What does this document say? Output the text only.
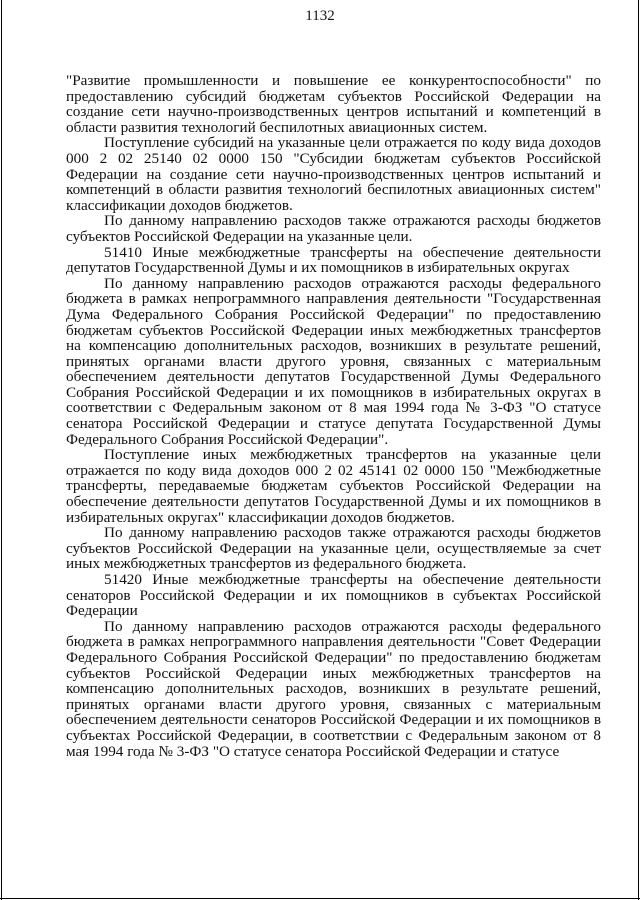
1132

"Развитие промышленности и повышение ее конкурентоспособности" по предоставлению субсидий бюджетам субъектов Российской Федерации на создание сети научно-производственных центров испытаний и компетенций в области развития технологий беспилотных авиационных систем.

Поступление субсидий на указанные цели отражается по коду вида доходов 000 2 02 25140 02 0000 150 "Субсидии бюджетам субъектов Российской Федерации на создание сети научно-производственных центров испытаний и компетенций в области развития технологий беспилотных авиационных систем" классификации доходов бюджетов.

По данному направлению расходов также отражаются расходы бюджетов субъектов Российской Федерации на указанные цели.

51410 Иные межбюджетные трансферты на обеспечение деятельности депутатов Государственной Думы и их помощников в избирательных округах

По данному направлению расходов отражаются расходы федерального бюджета в рамках непрограммного направления деятельности "Государственная Дума Федерального Собрания Российской Федерации" по предоставлению бюджетам субъектов Российской Федерации иных межбюджетных трансфертов на компенсацию дополнительных расходов, возникших в результате решений, принятых органами власти другого уровня, связанных с материальным обеспечением деятельности депутатов Государственной Думы Федерального Собрания Российской Федерации и их помощников в избирательных округах в соответствии с Федеральным законом от 8 мая 1994 года № 3-ФЗ "О статусе сенатора Российской Федерации и статусе депутата Государственной Думы Федерального Собрания Российской Федерации".

Поступление иных межбюджетных трансфертов на указанные цели отражается по коду вида доходов 000 2 02 45141 02 0000 150 "Межбюджетные трансферты, передаваемые бюджетам субъектов Российской Федерации на обеспечение деятельности депутатов Государственной Думы и их помощников в избирательных округах" классификации доходов бюджетов.

По данному направлению расходов также отражаются расходы бюджетов субъектов Российской Федерации на указанные цели, осуществляемые за счет иных межбюджетных трансфертов из федерального бюджета.

51420 Иные межбюджетные трансферты на обеспечение деятельности сенаторов Российской Федерации и их помощников в субъектах Российской Федерации

По данному направлению расходов отражаются расходы федерального бюджета в рамках непрограммного направления деятельности "Совет Федерации Федерального Собрания Российской Федерации" по предоставлению бюджетам субъектов Российской Федерации иных межбюджетных трансфертов на компенсацию дополнительных расходов, возникших в результате решений, принятых органами власти другого уровня, связанных с материальным обеспечением деятельности сенаторов Российской Федерации и их помощников в субъектах Российской Федерации, в соответствии с Федеральным законом от 8 мая 1994 года № 3-ФЗ "О статусе сенатора Российской Федерации и статусе
